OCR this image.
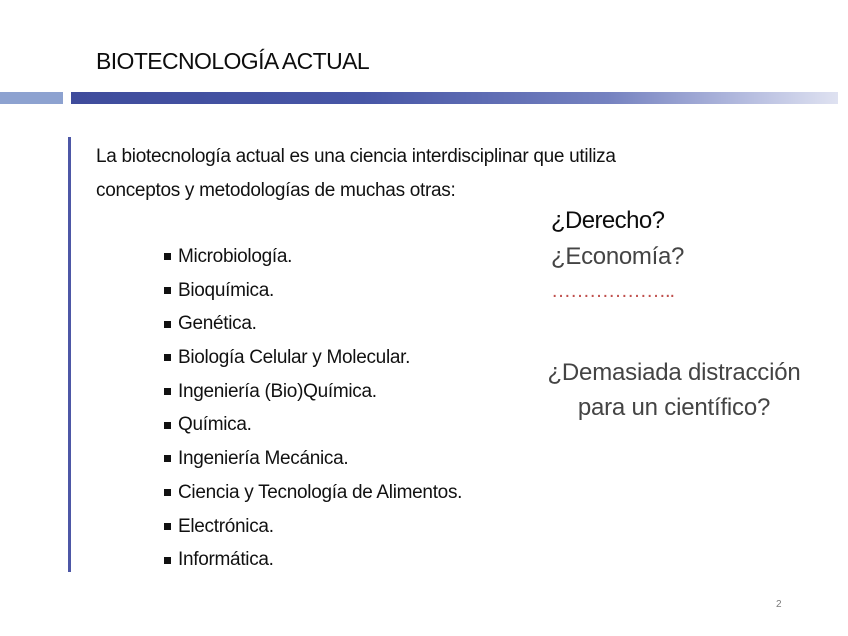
BIOTECNOLOGÍA ACTUAL
La biotecnología actual es una ciencia interdisciplinar que utiliza
conceptos y metodologías de muchas otras:
Microbiología.
Bioquímica.
Genética.
Biología Celular y Molecular.
Ingeniería (Bio)Química.
Química.
Ingeniería Mecánica.
Ciencia y Tecnología de Alimentos.
Electrónica.
Informática.
¿Derecho?
¿Economía?
………………..
¿Demasiada distracción
para un científico?
2
